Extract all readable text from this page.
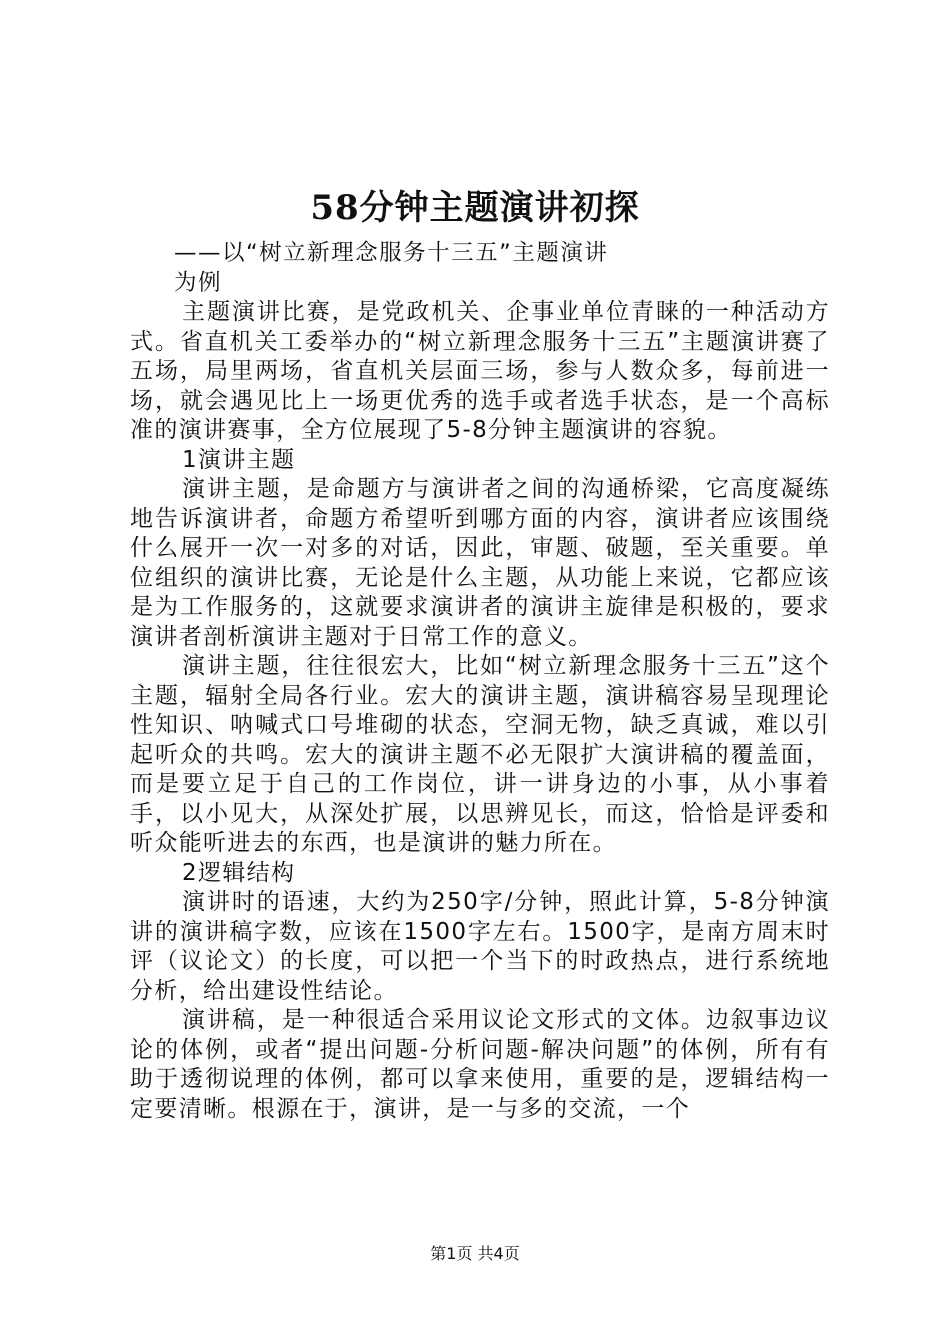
58分钟主题演讲初探
——以“树立新理念服务十三五”主题演讲
为例

主题演讲比赛，是党政机关、企事业单位青睐的一种活动方式。省直机关工委举办的“树立新理念服务十三五”主题演讲赛了五场，局里两场，省直机关层面三场，参与人数众多，每前进一场，就会遇见比上一场更优秀的选手或者选手状态，是一个高标准的演讲赛事，全方位展现了5-8分钟主题演讲的容貌。

1演讲主题

演讲主题，是命题方与演讲者之间的沟通桥梁，它高度凝练地告诉演讲者，命题方希望听到哪方面的内容，演讲者应该围绕什么展开一次一对多的对话，因此，审题、破题，至关重要。单位组织的演讲比赛，无论是什么主题，从功能上来说，它都应该是为工作服务的，这就要求演讲者的演讲主旋律是积极的，要求演讲者剖析演讲主题对于日常工作的意义。

演讲主题，往往很宏大，比如“树立新理念服务十三五”这个主题，辐射全局各行业。宏大的演讲主题，演讲稿容易呈现理论性知识、呐喊式口号堆砌的状态，空洞无物，缺乏真诚，难以引起听众的共鸣。宏大的演讲主题不必无限扩大演讲稿的覆盖面，而是要立足于自己的工作岗位，讲一讲身边的小事，从小事着手，以小见大，从深处扩展，以思辨见长，而这，恰恰是评委和听众能听进去的东西，也是演讲的魅力所在。

2逻辑结构

演讲时的语速，大约为250字/分钟，照此计算，5-8分钟演讲的演讲稿字数，应该在1500字左右。1500字，是南方周末时评（议论文）的长度，可以把一个当下的时政热点，进行系统地分析，给出建设性结论。

演讲稿，是一种很适合采用议论文形式的文体。边叙事边议论的体例，或者“提出问题-分析问题-解决问题”的体例，所有有助于透彻说理的体例，都可以拿来使用，重要的是，逻辑结构一定要清晰。根源在于，演讲，是一与多的交流，一个

第1页 共4页
